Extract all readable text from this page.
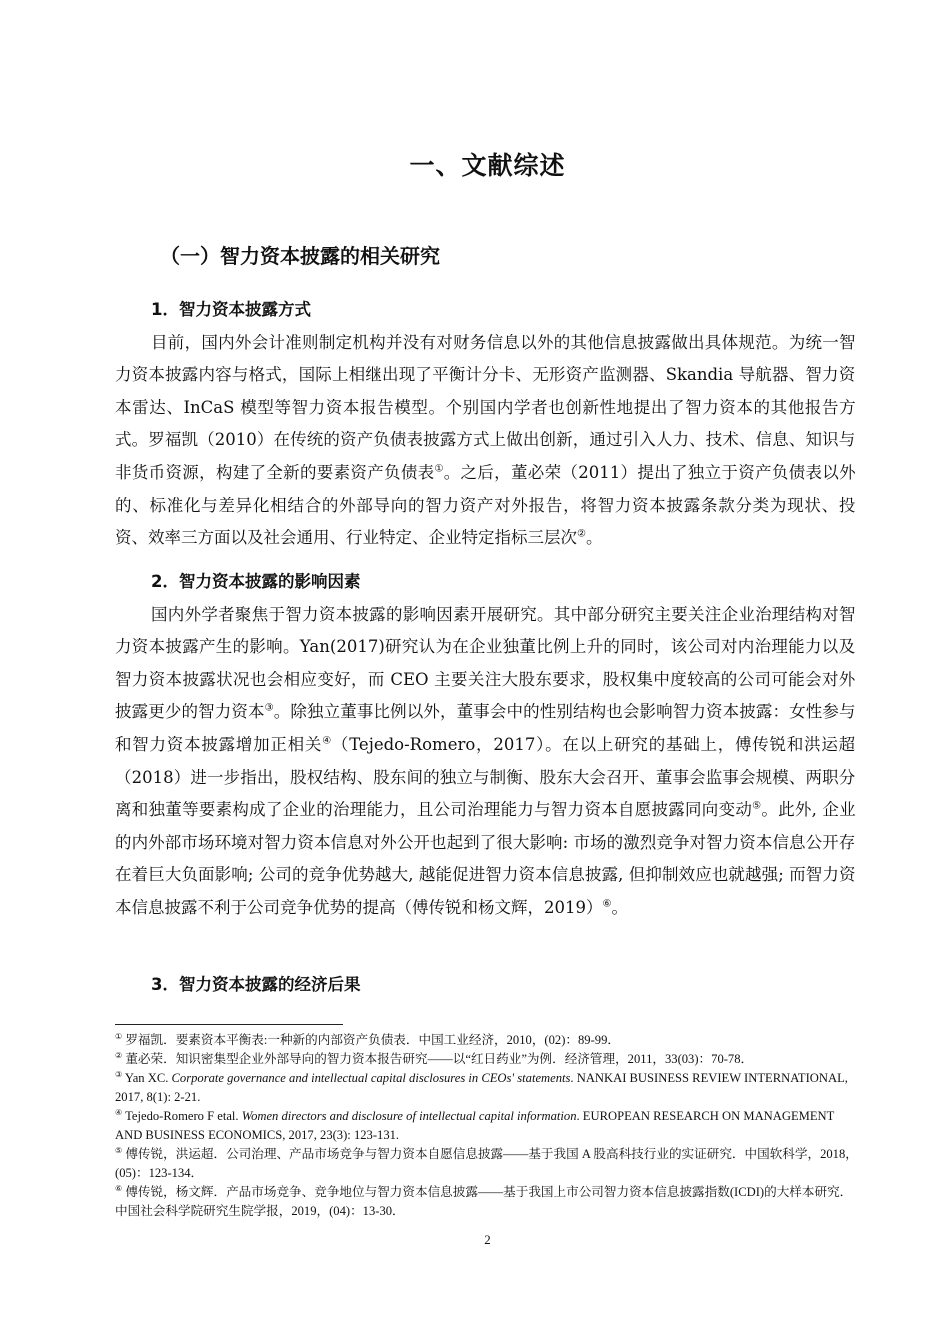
一、文献综述
（一）智力资本披露的相关研究
1．智力资本披露方式

目前，国内外会计准则制定机构并没有对财务信息以外的其他信息披露做出具体规范。为统一智力资本披露内容与格式，国际上相继出现了平衡计分卡、无形资产监测器、Skandia 导航器、智力资本雷达、InCaS 模型等智力资本报告模型。个别国内学者也创新性地提出了智力资本的其他报告方式。罗福凯（2010）在传统的资产负债表披露方式上做出创新，通过引入人力、技术、信息、知识与非货币资源，构建了全新的要素资产负债表①。之后，董必荣（2011）提出了独立于资产负债表以外的、标准化与差异化相结合的外部导向的智力资产对外报告，将智力资本披露条款分类为现状、投资、效率三方面以及社会通用、行业特定、企业特定指标三层次②。

2．智力资本披露的影响因素

国内外学者聚焦于智力资本披露的影响因素开展研究。其中部分研究主要关注企业治理结构对智力资本披露产生的影响。Yan(2017)研究认为在企业独董比例上升的同时，该公司对内治理能力以及智力资本披露状况也会相应变好，而 CEO 主要关注大股东要求，股权集中度较高的公司可能会对外披露更少的智力资本③。除独立董事比例以外，董事会中的性别结构也会影响智力资本披露：女性参与和智力资本披露增加正相关④（Tejedo-Romero，2017）。在以上研究的基础上，傅传锐和洪运超（2018）进一步指出，股权结构、股东间的独立与制衡、股东大会召开、董事会监事会规模、两职分离和独董等要素构成了企业的治理能力，且公司治理能力与智力资本自愿披露同向变动⑤。此外, 企业的内外部市场环境对智力资本信息对外公开也起到了很大影响: 市场的激烈竞争对智力资本信息公开存在着巨大负面影响; 公司的竞争优势越大, 越能促进智力资本信息披露, 但抑制效应也就越强; 而智力资本信息披露不利于公司竞争优势的提高（傅传锐和杨文辉，2019）⑥。

3．智力资本披露的经济后果
① 罗福凯．要素资本平衡表:一种新的内部资产负债表．中国工业经济，2010，(02)：89-99．
② 董必荣．知识密集型企业外部导向的智力资本报告研究——以“红日药业”为例．经济管理，2011，33(03)：70-78．
③ Yan XC. Corporate governance and intellectual capital disclosures in CEOs' statements. NANKAI BUSINESS REVIEW INTERNATIONAL, 2017, 8(1): 2-21.
④ Tejedo-Romero F etal. Women directors and disclosure of intellectual capital information. EUROPEAN RESEARCH ON MANAGEMENT AND BUSINESS ECONOMICS, 2017, 23(3): 123-131.
⑤ 傅传锐，洪运超．公司治理、产品市场竞争与智力资本自愿信息披露——基于我国 A 股高科技行业的实证研究．中国软科学，2018，(05)：123-134．
⑥ 傅传锐，杨文辉．产品市场竞争、竞争地位与智力资本信息披露——基于我国上市公司智力资本信息披露指数(ICDI)的大样本研究．中国社会科学院研究生院学报，2019，(04)：13-30．
2
